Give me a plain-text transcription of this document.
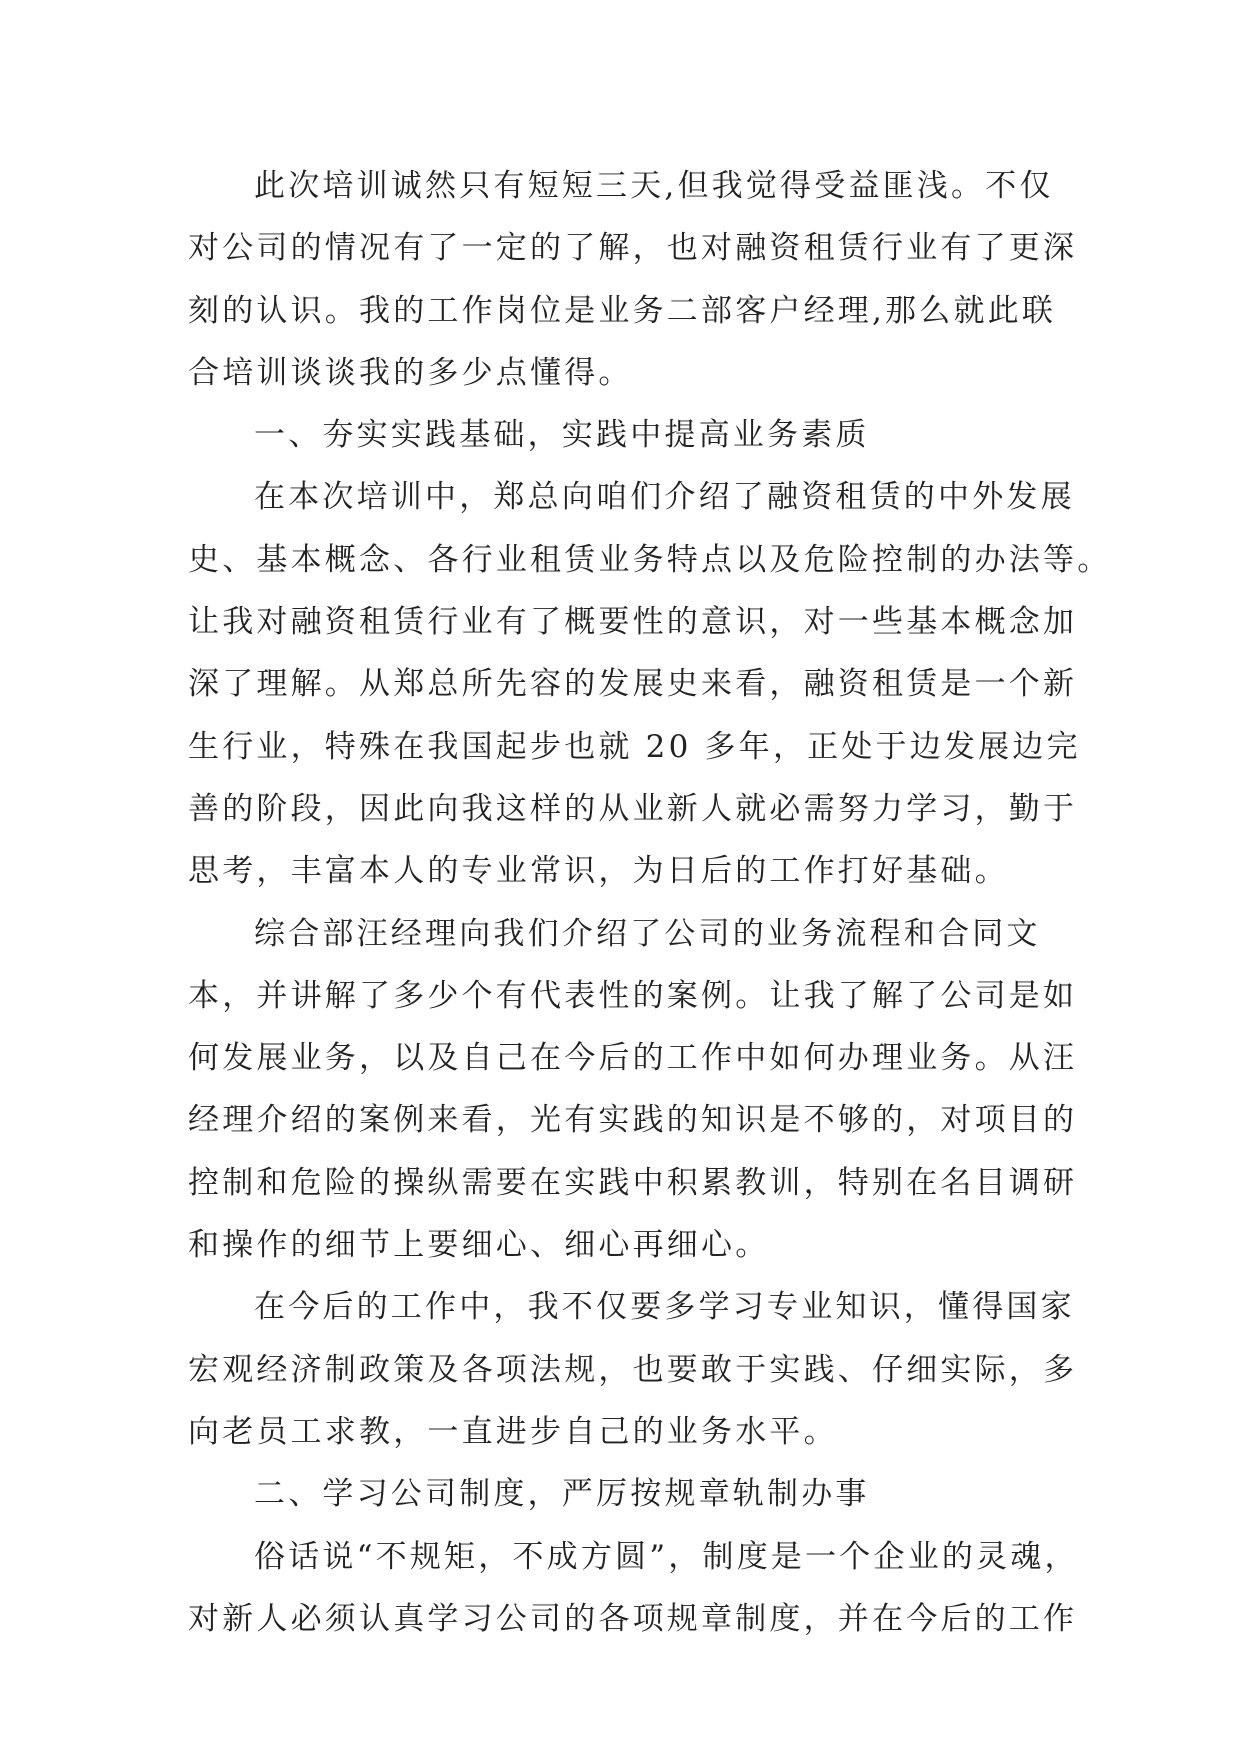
此次培训诚然只有短短三天,但我觉得受益匪浅。不仅
对公司的情况有了一定的了解，也对融资租赁行业有了更深
刻的认识。我的工作岗位是业务二部客户经理,那么就此联
合培训谈谈我的多少点懂得。
一、夯实实践基础，实践中提高业务素质
在本次培训中，郑总向咱们介绍了融资租赁的中外发展
史、基本概念、各行业租赁业务特点以及危险控制的办法等。
让我对融资租赁行业有了概要性的意识，对一些基本概念加
深了理解。从郑总所先容的发展史来看，融资租赁是一个新
生行业，特殊在我国起步也就 20 多年，正处于边发展边完
善的阶段，因此向我这样的从业新人就必需努力学习，勤于
思考，丰富本人的专业常识，为日后的工作打好基础。
综合部汪经理向我们介绍了公司的业务流程和合同文
本，并讲解了多少个有代表性的案例。让我了解了公司是如
何发展业务，以及自己在今后的工作中如何办理业务。从汪
经理介绍的案例来看，光有实践的知识是不够的，对项目的
控制和危险的操纵需要在实践中积累教训，特别在名目调研
和操作的细节上要细心、细心再细心。
在今后的工作中，我不仅要多学习专业知识，懂得国家
宏观经济制政策及各项法规，也要敢于实践、仔细实际，多
向老员工求教，一直进步自己的业务水平。
二、学习公司制度，严厉按规章轨制办事
俗话说“不规矩，不成方圆”，制度是一个企业的灵魂，
对新人必须认真学习公司的各项规章制度，并在今后的工作
